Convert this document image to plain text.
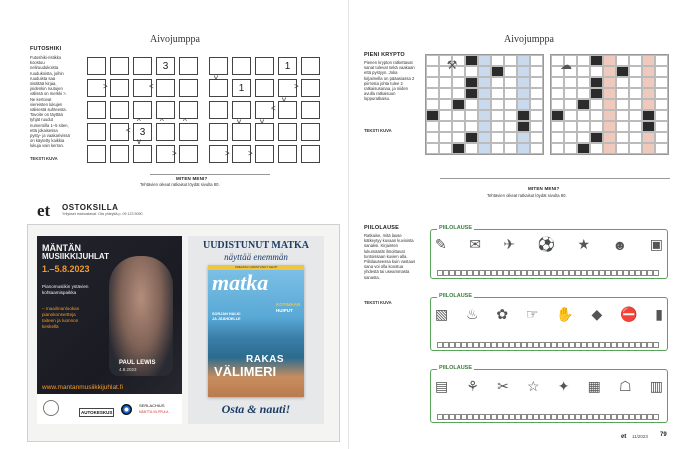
Aivojumppa
FUTOSHIKI
Futoshiki-ristikko koostuu neliruudukoista ruudukoista, joihin ruuduista saa sisältää kirjaa, joidenkin ruutujen välissä on merkki >. Ne kertovat viereisten lukujen välisestä suhteesta. Tavoite on täyttää tyhjät ruudut numeroilla 1–5 siten, että jokaisessa pysty- ja vaakarivissä on käytetty kaikkia lukuja vain kerran.
TEKSTI KUVA
3
3
>	<
<
^ ^ ^
v
>
1
1
v
>
v
<
v v
> >
MITEN MENI?
Tehtävien oikeat ratkaisut löydät sivulta 80.
et OSTOKSILLA
Yritykset mainostavat. Ota yhteyttä p. 09 123 5090
MÄNTÄN
MUSIIKKIJUHLAT
1.–5.8.2023
Pianomusiikin ystävien kohtaamispaikka
– maailmanluokan pianokonsertteja taiteen ja luonnon keskellä
PAUL LEWIS
4.8.2023
www.mantanmusiikkijuhlat.fi
AUTOKESKUS
SERLACHIUS
MÄNTTÄ-VILPPULA
UUDISTUNUT MATKA
näyttää enemmän
UPEAKSI UUDISTUNUT LEHTI
matka
KOTIMAAN
HUIPUT
SORJAN HALKI JA JÄÄHDELLE
RAKAS
VÄLIMERI
Osta & nauti!
Aivojumppa
PIENI KRYPTO
Pienen krypton ratkettavat sanat tulevat sekä vaakaan että pystyyn. Joka kirjaimella on pääasiassa 2 piirrosta johta tulee 2 ratkaisusanaa, ja niiden avulla ratkaisuun loppuratkaisu.
TEKSTI KUVA
⚒	☁
MITEN MENI?
Tehtävien oikeat ratkaisut löydät sivulta 80.
PIILOLAUSE
Ratkaise, mitä lause kätkeytyy kuvaan kuvioista sanaksi. Kirjainten lukumäärät ilmoittavat tuntoissaan kuvien alla. Piilolauseessa kuin vastaus sana voi olla koostua yhdestä tai useammasta sanasta.
TEKSTI KUVA
PIILOLAUSE
✎ ✉ ✈ ⚽ ★ ☻ ▣
PIILOLAUSE
▧ ♨ ✿ ☞ ✋ ◆ ⛔ ▮
PIILOLAUSE
▤ ⚘ ✂ ☆ ✦ ▦ ☖ ▥
et 11/2023 79
